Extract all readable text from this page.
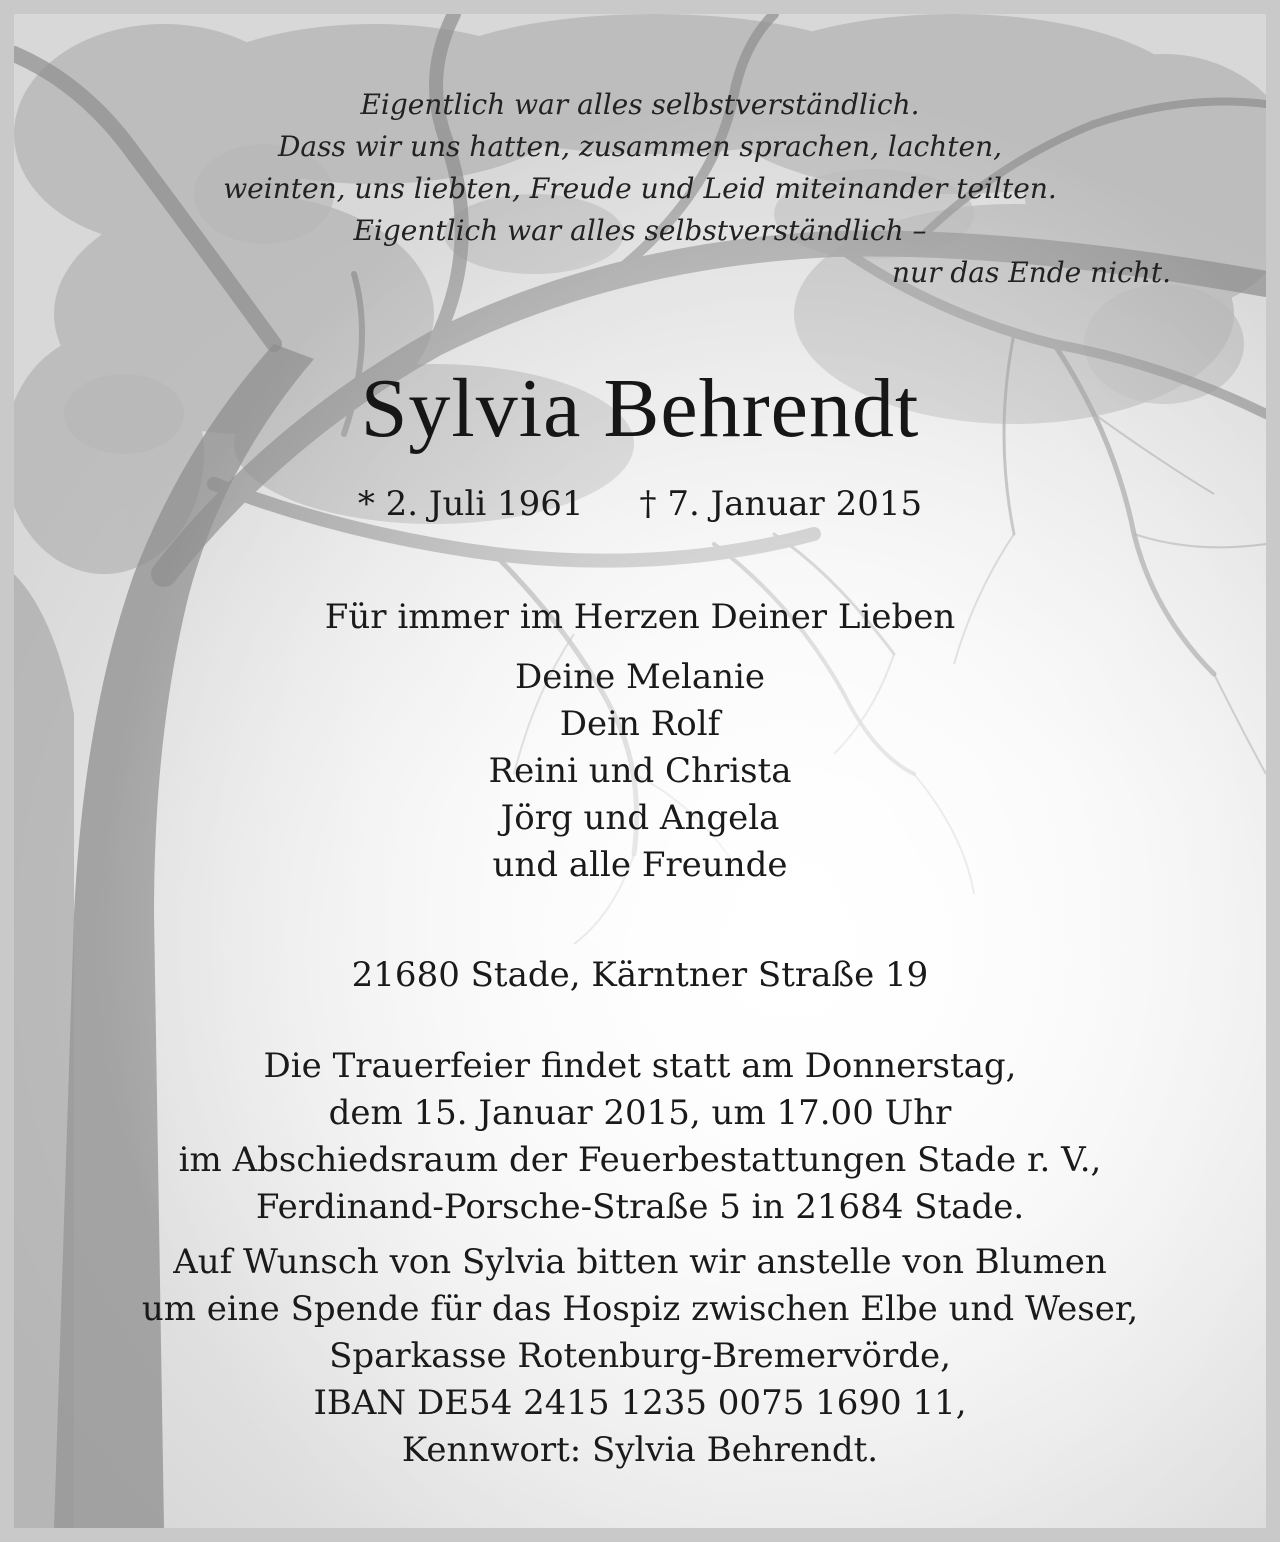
Eigentlich war alles selbstverständlich.
Dass wir uns hatten, zusammen sprachen, lachten,
weinten, uns liebten, Freude und Leid miteinander teilten.
Eigentlich war alles selbstverständlich –
nur das Ende nicht.
Sylvia Behrendt
* 2. Juli 1961 † 7. Januar 2015
Für immer im Herzen Deiner Lieben
Deine Melanie
Dein Rolf
Reini und Christa
Jörg und Angela
und alle Freunde
21680 Stade, Kärntner Straße 19
Die Trauerfeier findet statt am Donnerstag,
dem 15. Januar 2015, um 17.00 Uhr
im Abschiedsraum der Feuerbestattungen Stade r. V.,
Ferdinand-Porsche-Straße 5 in 21684 Stade.
Auf Wunsch von Sylvia bitten wir anstelle von Blumen
um eine Spende für das Hospiz zwischen Elbe und Weser,
Sparkasse Rotenburg-Bremervörde,
IBAN DE54 2415 1235 0075 1690 11,
Kennwort: Sylvia Behrendt.
